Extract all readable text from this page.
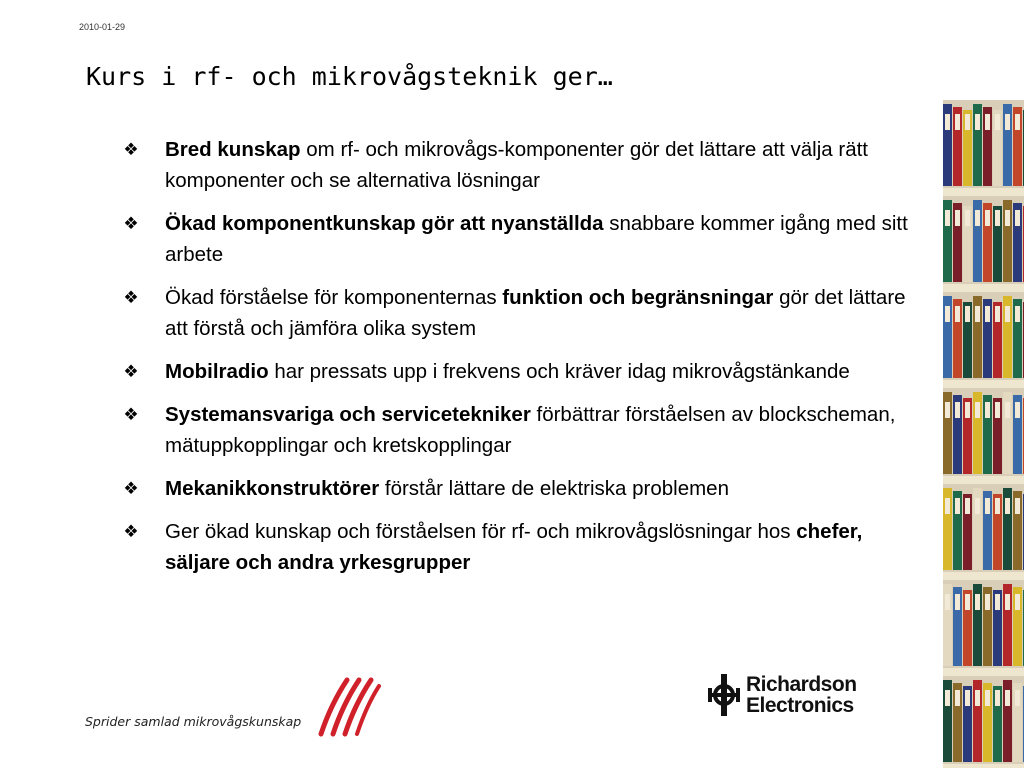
2010-01-29
Kurs i rf- och mikrovågsteknik ger…
❖ Bred kunskap om rf- och mikrovågs-komponenter gör det lättare att välja rätt komponenter och se alternativa lösningar
❖ Ökad komponentkunskap gör att nyanställda snabbare kommer igång med sitt arbete
❖ Ökad förståelse för komponenternas funktion och begränsningar gör det lättare att förstå och jämföra olika system
❖ Mobilradio har pressats upp i frekvens och kräver idag mikrovågstänkande
❖ Systemansvariga och servicetekniker förbättrar förståelsen av blockscheman, mätuppkopplingar och kretskopplingar
❖ Mekanikkonstruktörer förstår lättare de elektriska problemen
❖ Ger ökad kunskap och förståelsen för rf- och mikrovågslösningar hos chefer, säljare och andra yrkesgrupper
Sprider samlad mikrovågskunskap
Richardson
Electronics
